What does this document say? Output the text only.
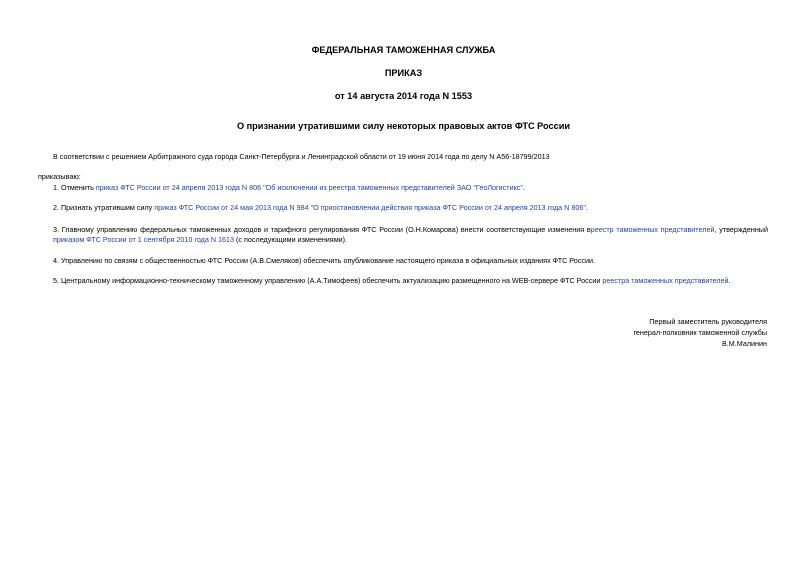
ФЕДЕРАЛЬНАЯ ТАМОЖЕННАЯ СЛУЖБА
ПРИКАЗ
от 14 августа 2014 года N 1553
О признании утратившими силу некоторых правовых актов ФТС России
В соответствии с решением Арбитражного суда города Санкт-Петербурга и Ленинградской области от 19 июня 2014 года по делу N А56-18799/2013
приказываю:
1. Отменить приказ ФТС России от 24 апреля 2013 года N 806 "Об исключении из реестра таможенных представителей ЗАО "ГеоЛогистикс".
2. Признать утратившим силу приказ ФТС России от 24 мая 2013 года N 984 "О приостановлении действия приказа ФТС России от 24 апреля 2013 года N 806".
3. Главному управлению федеральных таможенных доходов и тарифного регулирования ФТС России (О.Н.Комарова) внести соответствующие изменения вреестр таможенных представителей, утвержденный приказом ФТС России от 1 сентября 2010 года N 1613 (с последующими изменениями).
4. Управлению по связям с общественностью ФТС России (А.В.Смеляков) обеспечить опубликование настоящего приказа в официальных изданиях ФТС России.
5. Центральному информационно-техническому таможенному управлению (А.А.Тимофеев) обеспечить актуализацию размещенного на WEB-сервере ФТС России реестра таможенных представителей.
Первый заместитель руководителя
генерал-полковник таможенной службы
В.М.Малинин
